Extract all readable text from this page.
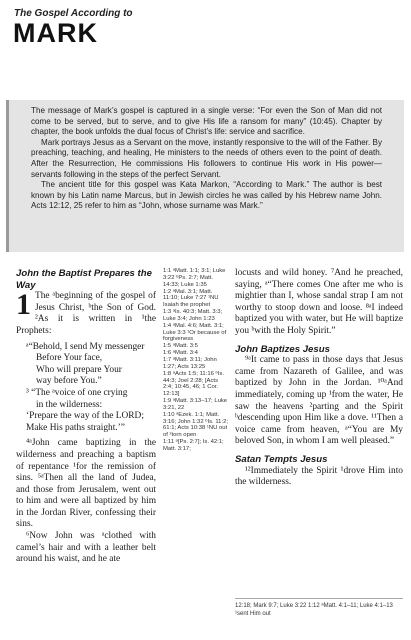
The Gospel According to
MARK

The message of Mark’s gospel is captured in a single verse: “For even the Son of Man did not come to be served, but to serve, and to give His life a ransom for many” (10:45). Chapter by chapter, the book unfolds the dual focus of Christ’s life: service and sacrifice.

Mark portrays Jesus as a Servant on the move, instantly responsive to the will of the Father. By preaching, teaching, and healing, He ministers to the needs of others even to the point of death. After the Resurrection, He commissions His followers to continue His work in His power—servants following in the steps of the perfect Servant.

The ancient title for this gospel was Kata Markon, “According to Mark.” The author is best known by his Latin name Marcus, but in Jewish circles he was called by his Hebrew name John. Acts 12:12, 25 refer to him as “John, whose surname was Mark.”

John the Baptist Prepares the Way

1 The ᵃbeginning of the gospel of Jesus Christ, ᵇthe Son of God. ²As it is written in ¹the Prophets:

ᵃ“Behold, I send My messenger
Before Your face,
Who will prepare Your
way before You.”
³ “The ᵃvoice of one crying
in the wilderness:
‘Prepare the way of the LORD;
Make His paths straight.’”

⁴ᵃJohn came baptizing in the wilderness and preaching a baptism of repentance ¹for the remission of sins. ⁵ᵃThen all the land of Judea, and those from Jerusalem, went out to him and were all baptized by him in the Jordan River, confessing their sins.

⁶Now John was ᵃclothed with camel’s hair and with a leather belt around his waist, and he ate

1:1 ᵃMatt. 1:1; 3:1; Luke 3:22 ᵇPs. 2:7; Matt. 14:33; Luke 1:35

1:2 ᵃMal. 3:1; Matt. 11:10; Luke 7:27 ¹NU Isaiah the prophet

1:3 ᵃIs. 40:3; Matt. 3:3; Luke 3:4; John 1:23

1:4 ᵃMal. 4:6; Matt. 3:1; Luke 3:3 ¹Or because of forgiveness

1:5 ᵃMatt. 3:5

1:6 ᵃMatt. 3:4

1:7 ᵃMatt. 3:11; John 1:27; Acts 13:25

1:8 ᵃActs 1:5; 11:16 ᵇIs. 44:3; Joel 2:28; [Acts 2:4; 10:45, 46; 1 Cor. 12:13]

1:9 ᵃMatt. 3:13–17; Luke 3:21, 22

1:10 ᵃEzek. 1:1; Matt. 3:16; John 1:32 ᵇIs. 11:2; 61:1; Acts 10:38 ¹NU out of ²torn open

1:11 ᵃ[Ps. 2:7]; Is. 42:1; Matt. 3:17;

locusts and wild honey. ⁷And he preached, saying, ᵃ“There comes One after me who is mightier than I, whose sandal strap I am not worthy to stoop down and loose. ⁸ᵃI indeed baptized you with water, but He will baptize you ᵇwith the Holy Spirit.”

John Baptizes Jesus

⁹ᵃIt came to pass in those days that Jesus came from Nazareth of Galilee, and was baptized by John in the Jordan. ¹⁰ᵃAnd immediately, coming up ¹from the water, He saw the heavens ²parting and the Spirit ᵇdescending upon Him like a dove. ¹¹Then a voice came from heaven, ᵃ“You are My beloved Son, in whom I am well pleased.”

Satan Tempts Jesus

¹²Immediately the Spirit ¹drove Him into the wilderness.

12:18; Mark 9:7; Luke 3:22 1:12 ᵃMatt. 4:1–11; Luke 4:1–13 ¹sent Him out
